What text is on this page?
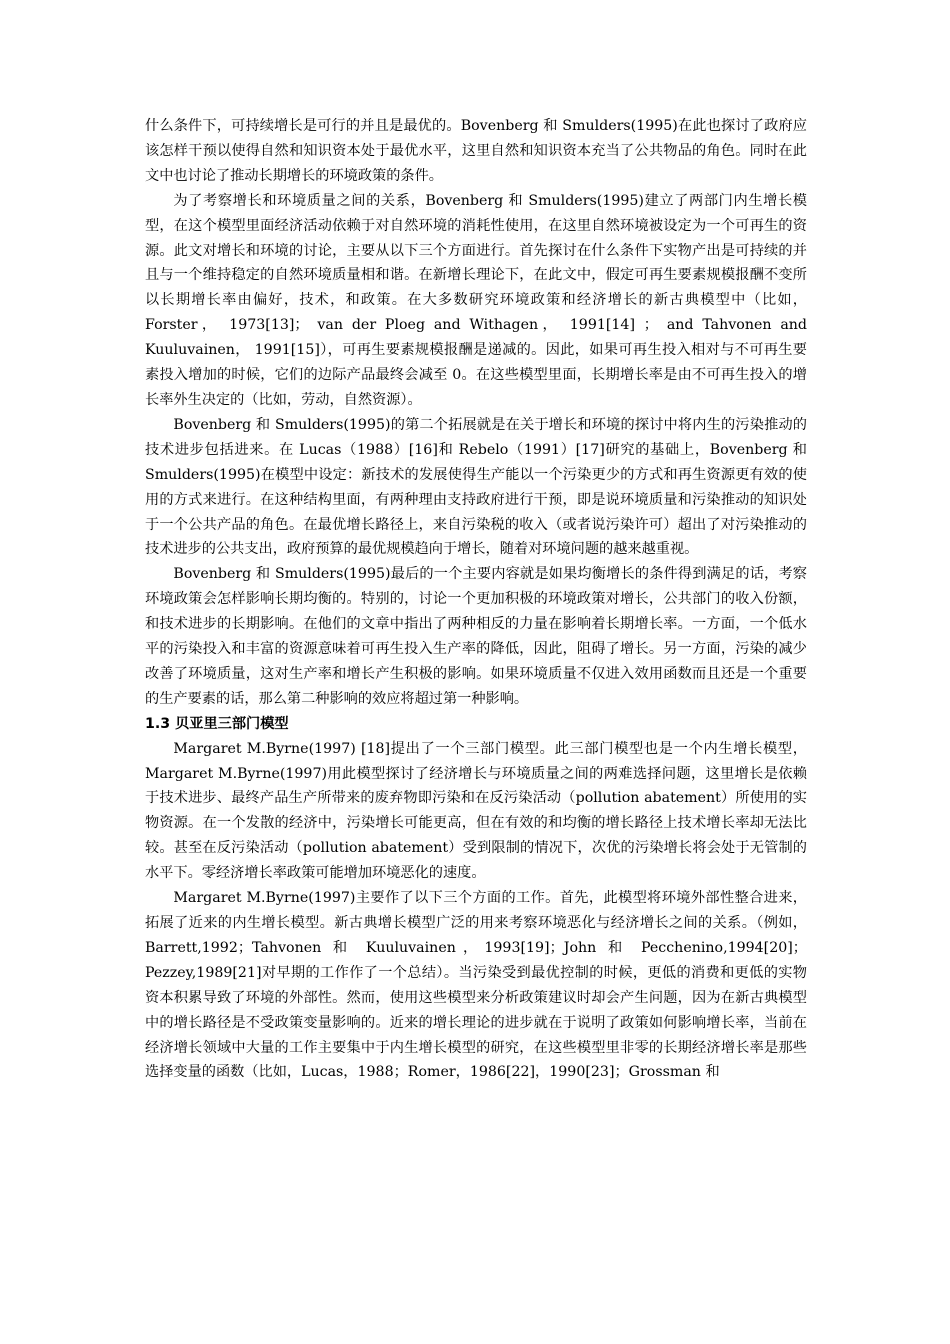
什么条件下，可持续增长是可行的并且是最优的。Bovenberg 和 Smulders(1995)在此也探讨了政府应该怎样干预以使得自然和知识资本处于最优水平，这里自然和知识资本充当了公共物品的角色。同时在此文中也讨论了推动长期增长的环境政策的条件。

为了考察增长和环境质量之间的关系，Bovenberg 和 Smulders(1995)建立了两部门内生增长模型，在这个模型里面经济活动依赖于对自然环境的消耗性使用，在这里自然环境被设定为一个可再生的资源。此文对增长和环境的讨论，主要从以下三个方面进行。首先探讨在什么条件下实物产出是可持续的并且与一个维持稳定的自然环境质量相和谐。在新增长理论下，在此文中，假定可再生要素规模报酬不变所以长期增长率由偏好，技术，和政策。在大多数研究环境政策和经济增长的新古典模型中（比如， Forster， 1973[13]； van der Ploeg and Withagen， 1991[14] ； and Tahvonen and Kuuluvainen， 1991[15]），可再生要素规模报酬是递减的。因此，如果可再生投入相对与不可再生要素投入增加的时候，它们的边际产品最终会减至 0。在这些模型里面，长期增长率是由不可再生投入的增长率外生决定的（比如，劳动，自然资源）。

Bovenberg 和 Smulders(1995)的第二个拓展就是在关于增长和环境的探讨中将内生的污染推动的技术进步包括进来。在 Lucas（1988）[16]和 Rebelo（1991）[17]研究的基础上，Bovenberg 和 Smulders(1995)在模型中设定：新技术的发展使得生产能以一个污染更少的方式和再生资源更有效的使用的方式来进行。在这种结构里面，有两种理由支持政府进行干预，即是说环境质量和污染推动的知识处于一个公共产品的角色。在最优增长路径上，来自污染税的收入（或者说污染许可）超出了对污染推动的技术进步的公共支出，政府预算的最优规模趋向于增长，随着对环境问题的越来越重视。

Bovenberg 和 Smulders(1995)最后的一个主要内容就是如果均衡增长的条件得到满足的话，考察环境政策会怎样影响长期均衡的。特别的，讨论一个更加积极的环境政策对增长，公共部门的收入份额，和技术进步的长期影响。在他们的文章中指出了两种相反的力量在影响着长期增长率。一方面，一个低水平的污染投入和丰富的资源意味着可再生投入生产率的降低，因此，阻碍了增长。另一方面，污染的减少改善了环境质量，这对生产率和增长产生积极的影响。如果环境质量不仅进入效用函数而且还是一个重要的生产要素的话，那么第二种影响的效应将超过第一种影响。

1.3 贝亚里三部门模型

Margaret M.Byrne(1997) [18]提出了一个三部门模型。此三部门模型也是一个内生增长模型，Margaret M.Byrne(1997)用此模型探讨了经济增长与环境质量之间的两难选择问题，这里增长是依赖于技术进步、最终产品生产所带来的废弃物即污染和在反污染活动（pollution abatement）所使用的实物资源。在一个发散的经济中，污染增长可能更高，但在有效的和均衡的增长路径上技术增长率却无法比较。甚至在反污染活动（pollution abatement）受到限制的情况下，次优的污染增长将会处于无管制的水平下。零经济增长率政策可能增加环境恶化的速度。

Margaret M.Byrne(1997)主要作了以下三个方面的工作。首先，此模型将环境外部性整合进来，拓展了近来的内生增长模型。新古典增长模型广泛的用来考察环境恶化与经济增长之间的关系。（例如，Barrett,1992；Tahvonen 和 Kuuluvainen，1993[19]；John 和 Pecchenino,1994[20]；Pezzey,1989[21]对早期的工作作了一个总结）。当污染受到最优控制的时候，更低的消费和更低的实物资本积累导致了环境的外部性。然而，使用这些模型来分析政策建议时却会产生问题，因为在新古典模型中的增长路径是不受政策变量影响的。近来的增长理论的进步就在于说明了政策如何影响增长率，当前在经济增长领域中大量的工作主要集中于内生增长模型的研究，在这些模型里非零的长期经济增长率是那些选择变量的函数（比如，Lucas，1988；Romer，1986[22]，1990[23]；Grossman 和
